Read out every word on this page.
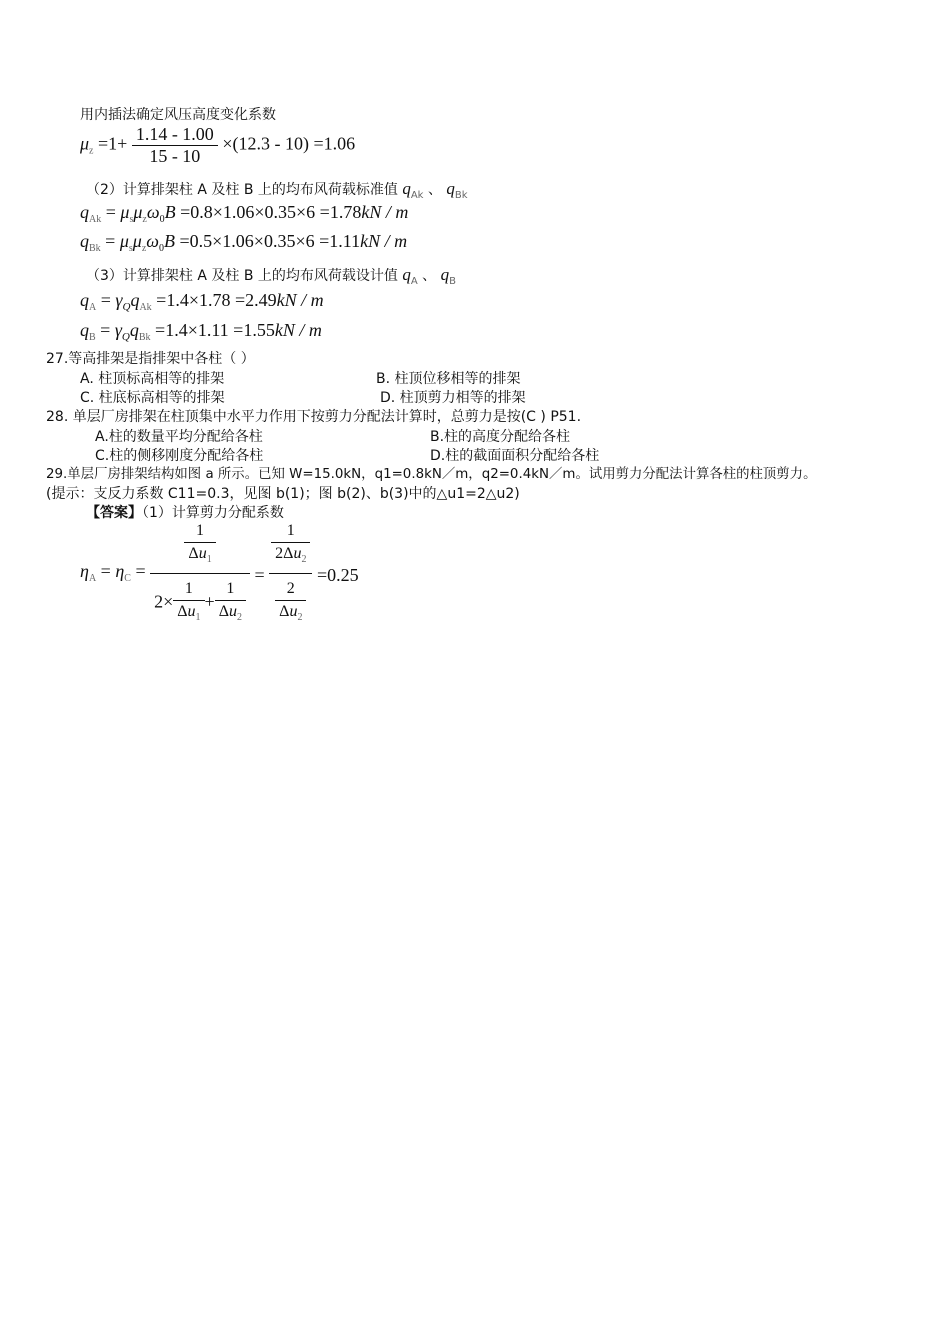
用内插法确定风压高度变化系数
$\mu_z =1+ \frac{1.14 - 1.00}{15 - 10} \times(12.3 - 10) =1.06$
（2）计算排架柱 A 及柱 B 上的均布风荷载标准值 $q_{Ak}$ 、 $q_{Bk}$
$q_{Ak} = \mu_s\mu_z\omega_0B =0.8\times 1.06\times 0.35\times 6 =1.78kN / m$
$q_{Bk} = \mu_s\mu_z\omega_0B =0.5\times 1.06\times 0.35\times 6 =1.11kN / m$
（3）计算排架柱 A 及柱 B 上的均布风荷载设计值 $q_A$ 、 $q_B$
$q_A = \gamma_Qq_{Ak} =1.4\times 1.78 =2.49kN / m$
$q_B = \gamma_Qq_{Bk} =1.4\times 1.11 =1.55kN / m$
27.等高排架是指排架中各柱（ ）
A. 柱顶标高相等的排架	B. 柱顶位移相等的排架
C. 柱底标高相等的排架	D. 柱顶剪力相等的排架
28. 单层厂房排架在柱顶集中水平力作用下按剪力分配法计算时，总剪力是按(C ) P51.
A.柱的数量平均分配给各柱	B.柱的高度分配给各柱
C.柱的侧移刚度分配给各柱	D.柱的截面面积分配给各柱
29.单层厂房排架结构如图 a 所示。已知 W=15.0kN，q1=0.8kN／m，q2=0.4kN／m。试用剪力分配法计算各柱的柱顶剪力。
(提示：支反力系数 C11=0.3，见图 b(1)；图 b(2)、b(3)中的△u1=2△u2)
【答案】（1）计算剪力分配系数
$\eta_A = \eta_C = \frac{\frac{1}{\Delta u_1}}{2\times \frac{1}{\Delta u_1} + \frac{1}{\Delta u_2}} = \frac{\frac{1}{2\Delta u_2}}{\frac{2}{\Delta u_2}} =0.25$
